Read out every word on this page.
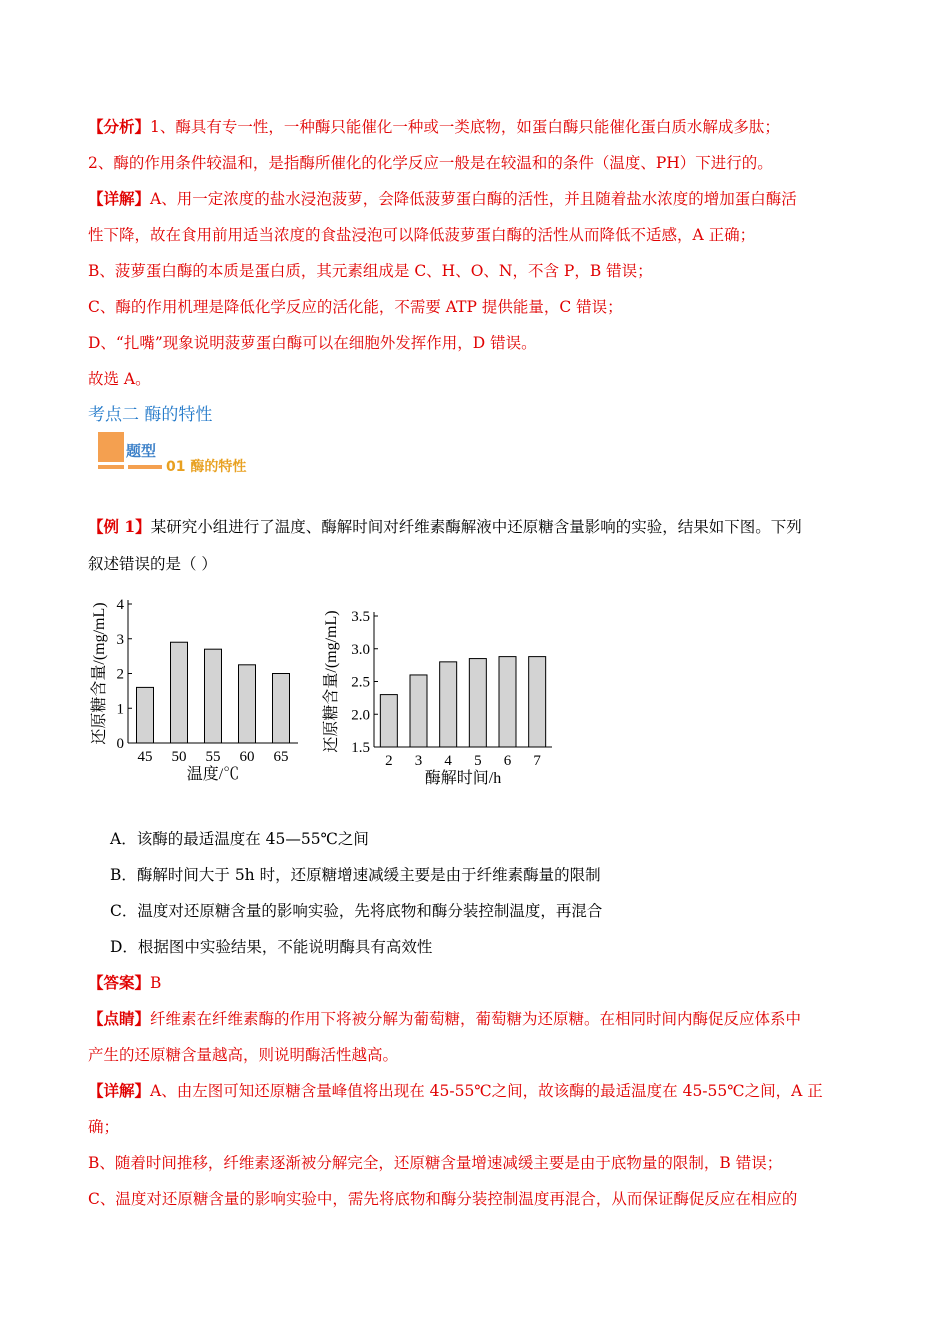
【分析】1、酶具有专一性，一种酶只能催化一种或一类底物，如蛋白酶只能催化蛋白质水解成多肽；
2、酶的作用条件较温和，是指酶所催化的化学反应一般是在较温和的条件（温度、PH）下进行的。
【详解】A、用一定浓度的盐水浸泡菠萝，会降低菠萝蛋白酶的活性，并且随着盐水浓度的增加蛋白酶活
性下降，故在食用前用适当浓度的食盐浸泡可以降低菠萝蛋白酶的活性从而降低不适感，A 正确；
B、菠萝蛋白酶的本质是蛋白质，其元素组成是 C、H、O、N，不含 P，B 错误；
C、酶的作用机理是降低化学反应的活化能，不需要 ATP 提供能量，C 错误；
D、“扎嘴”现象说明菠萝蛋白酶可以在细胞外发挥作用，D 错误。
故选 A。
考点二 酶的特性
题型
01 酶的特性
【例 1】某研究小组进行了温度、酶解时间对纤维素酶解液中还原糖含量影响的实验，结果如下图。下列
叙述错误的是（ ）
0
1
2
3
4
45 50 55 60 65
温度/℃
还原糖含量/(mg/mL)
1.5
2.0
2.5
3.0
3.5
2 3 4 5 6 7
酶解时间/h
还原糖含量/(mg/mL)
A．该酶的最适温度在 45—55℃之间
B．酶解时间大于 5h 时，还原糖增速减缓主要是由于纤维素酶量的限制
C．温度对还原糖含量的影响实验，先将底物和酶分装控制温度，再混合
D．根据图中实验结果，不能说明酶具有高效性
【答案】B
【点睛】纤维素在纤维素酶的作用下将被分解为葡萄糖，葡萄糖为还原糖。在相同时间内酶促反应体系中
产生的还原糖含量越高，则说明酶活性越高。
【详解】A、由左图可知还原糖含量峰值将出现在 45-55℃之间，故该酶的最适温度在 45-55℃之间，A 正
确；
B、随着时间推移，纤维素逐渐被分解完全，还原糖含量增速减缓主要是由于底物量的限制，B 错误；
C、温度对还原糖含量的影响实验中，需先将底物和酶分装控制温度再混合，从而保证酶促反应在相应的
